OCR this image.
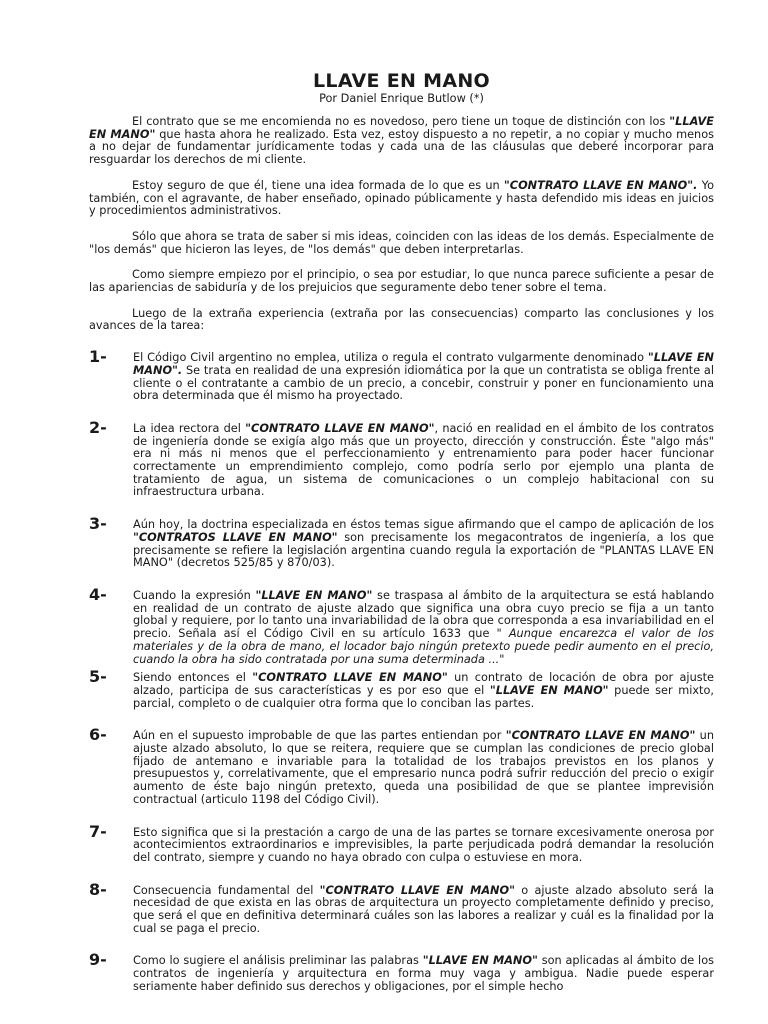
LLAVE EN MANO
Por Daniel Enrique Butlow (*)

El contrato que se me encomienda no es novedoso, pero tiene un toque de distinción con los "LLAVE EN MANO" que hasta ahora he realizado. Esta vez, estoy dispuesto a no repetir, a no copiar y mucho menos a no dejar de fundamentar jurídicamente todas y cada una de las cláusulas que deberé incorporar para resguardar los derechos de mi cliente.

Estoy seguro de que él, tiene una idea formada de lo que es un "CONTRATO LLAVE EN MANO". Yo también, con el agravante, de haber enseñado, opinado públicamente y hasta defendido mis ideas en juicios y procedimientos administrativos.

Sólo que ahora se trata de saber si mis ideas, coinciden con las ideas de los demás. Especialmente de "los demás" que hicieron las leyes, de "los demás" que deben interpretarlas.

Como siempre empiezo por el principio, o sea por estudiar, lo que nunca parece suficiente a pesar de las apariencias de sabiduría y de los prejuicios que seguramente debo tener sobre el tema.

Luego de la extraña experiencia (extraña por las consecuencias) comparto las conclusiones y los avances de la tarea:

1- El Código Civil argentino no emplea, utiliza o regula el contrato vulgarmente denominado "LLAVE EN MANO". Se trata en realidad de una expresión idiomática por la que un contratista se obliga frente al cliente o el contratante a cambio de un precio, a concebir, construir y poner en funcionamiento una obra determinada que él mismo ha proyectado.
2- La idea rectora del "CONTRATO LLAVE EN MANO", nació en realidad en el ámbito de los contratos de ingeniería donde se exigía algo más que un proyecto, dirección y construcción. Éste "algo más" era ni más ni menos que el perfeccionamiento y entrenamiento para poder hacer funcionar correctamente un emprendimiento complejo, como podría serlo por ejemplo una planta de tratamiento de agua, un sistema de comunicaciones o un complejo habitacional con su infraestructura urbana.
3- Aún hoy, la doctrina especializada en éstos temas sigue afirmando que el campo de aplicación de los "CONTRATOS LLAVE EN MANO" son precisamente los megacontratos de ingeniería, a los que precisamente se refiere la legislación argentina cuando regula la exportación de "PLANTAS LLAVE EN MANO" (decretos 525/85 y 870/03).
4- Cuando la expresión "LLAVE EN MANO" se traspasa al ámbito de la arquitectura se está hablando en realidad de un contrato de ajuste alzado que significa una obra cuyo precio se fija a un tanto global y requiere, por lo tanto una invariabilidad de la obra que corresponda a esa invariabilidad en el precio. Señala así el Código Civil en su artículo 1633 que " Aunque encarezca el valor de los materiales y de la obra de mano, el locador bajo ningún pretexto puede pedir aumento en el precio, cuando la obra ha sido contratada por una suma determinada ..."
5- Siendo entonces el "CONTRATO LLAVE EN MANO" un contrato de locación de obra por ajuste alzado, participa de sus características y es por eso que el "LLAVE EN MANO" puede ser mixto, parcial, completo o de cualquier otra forma que lo conciban las partes.
6- Aún en el supuesto improbable de que las partes entiendan por "CONTRATO LLAVE EN MANO" un ajuste alzado absoluto, lo que se reitera, requiere que se cumplan las condiciones de precio global fijado de antemano e invariable para la totalidad de los trabajos previstos en los planos y presupuestos y, correlativamente, que el empresario nunca podrá sufrir reducción del precio o exigir aumento de éste bajo ningún pretexto, queda una posibilidad de que se plantee imprevisión contractual (articulo 1198 del Código Civil).
7- Esto significa que si la prestación a cargo de una de las partes se tornare excesivamente onerosa por acontecimientos extraordinarios e imprevisibles, la parte perjudicada podrá demandar la resolución del contrato, siempre y cuando no haya obrado con culpa o estuviese en mora.
8- Consecuencia fundamental del "CONTRATO LLAVE EN MANO" o ajuste alzado absoluto será la necesidad de que exista en las obras de arquitectura un proyecto completamente definido y preciso, que será el que en definitiva determinará cuáles son las labores a realizar y cuál es la finalidad por la cual se paga el precio.
9- Como lo sugiere el análisis preliminar las palabras "LLAVE EN MANO" son aplicadas al ámbito de los contratos de ingeniería y arquitectura en forma muy vaga y ambigua. Nadie puede esperar seriamente haber definido sus derechos y obligaciones, por el simple hecho
